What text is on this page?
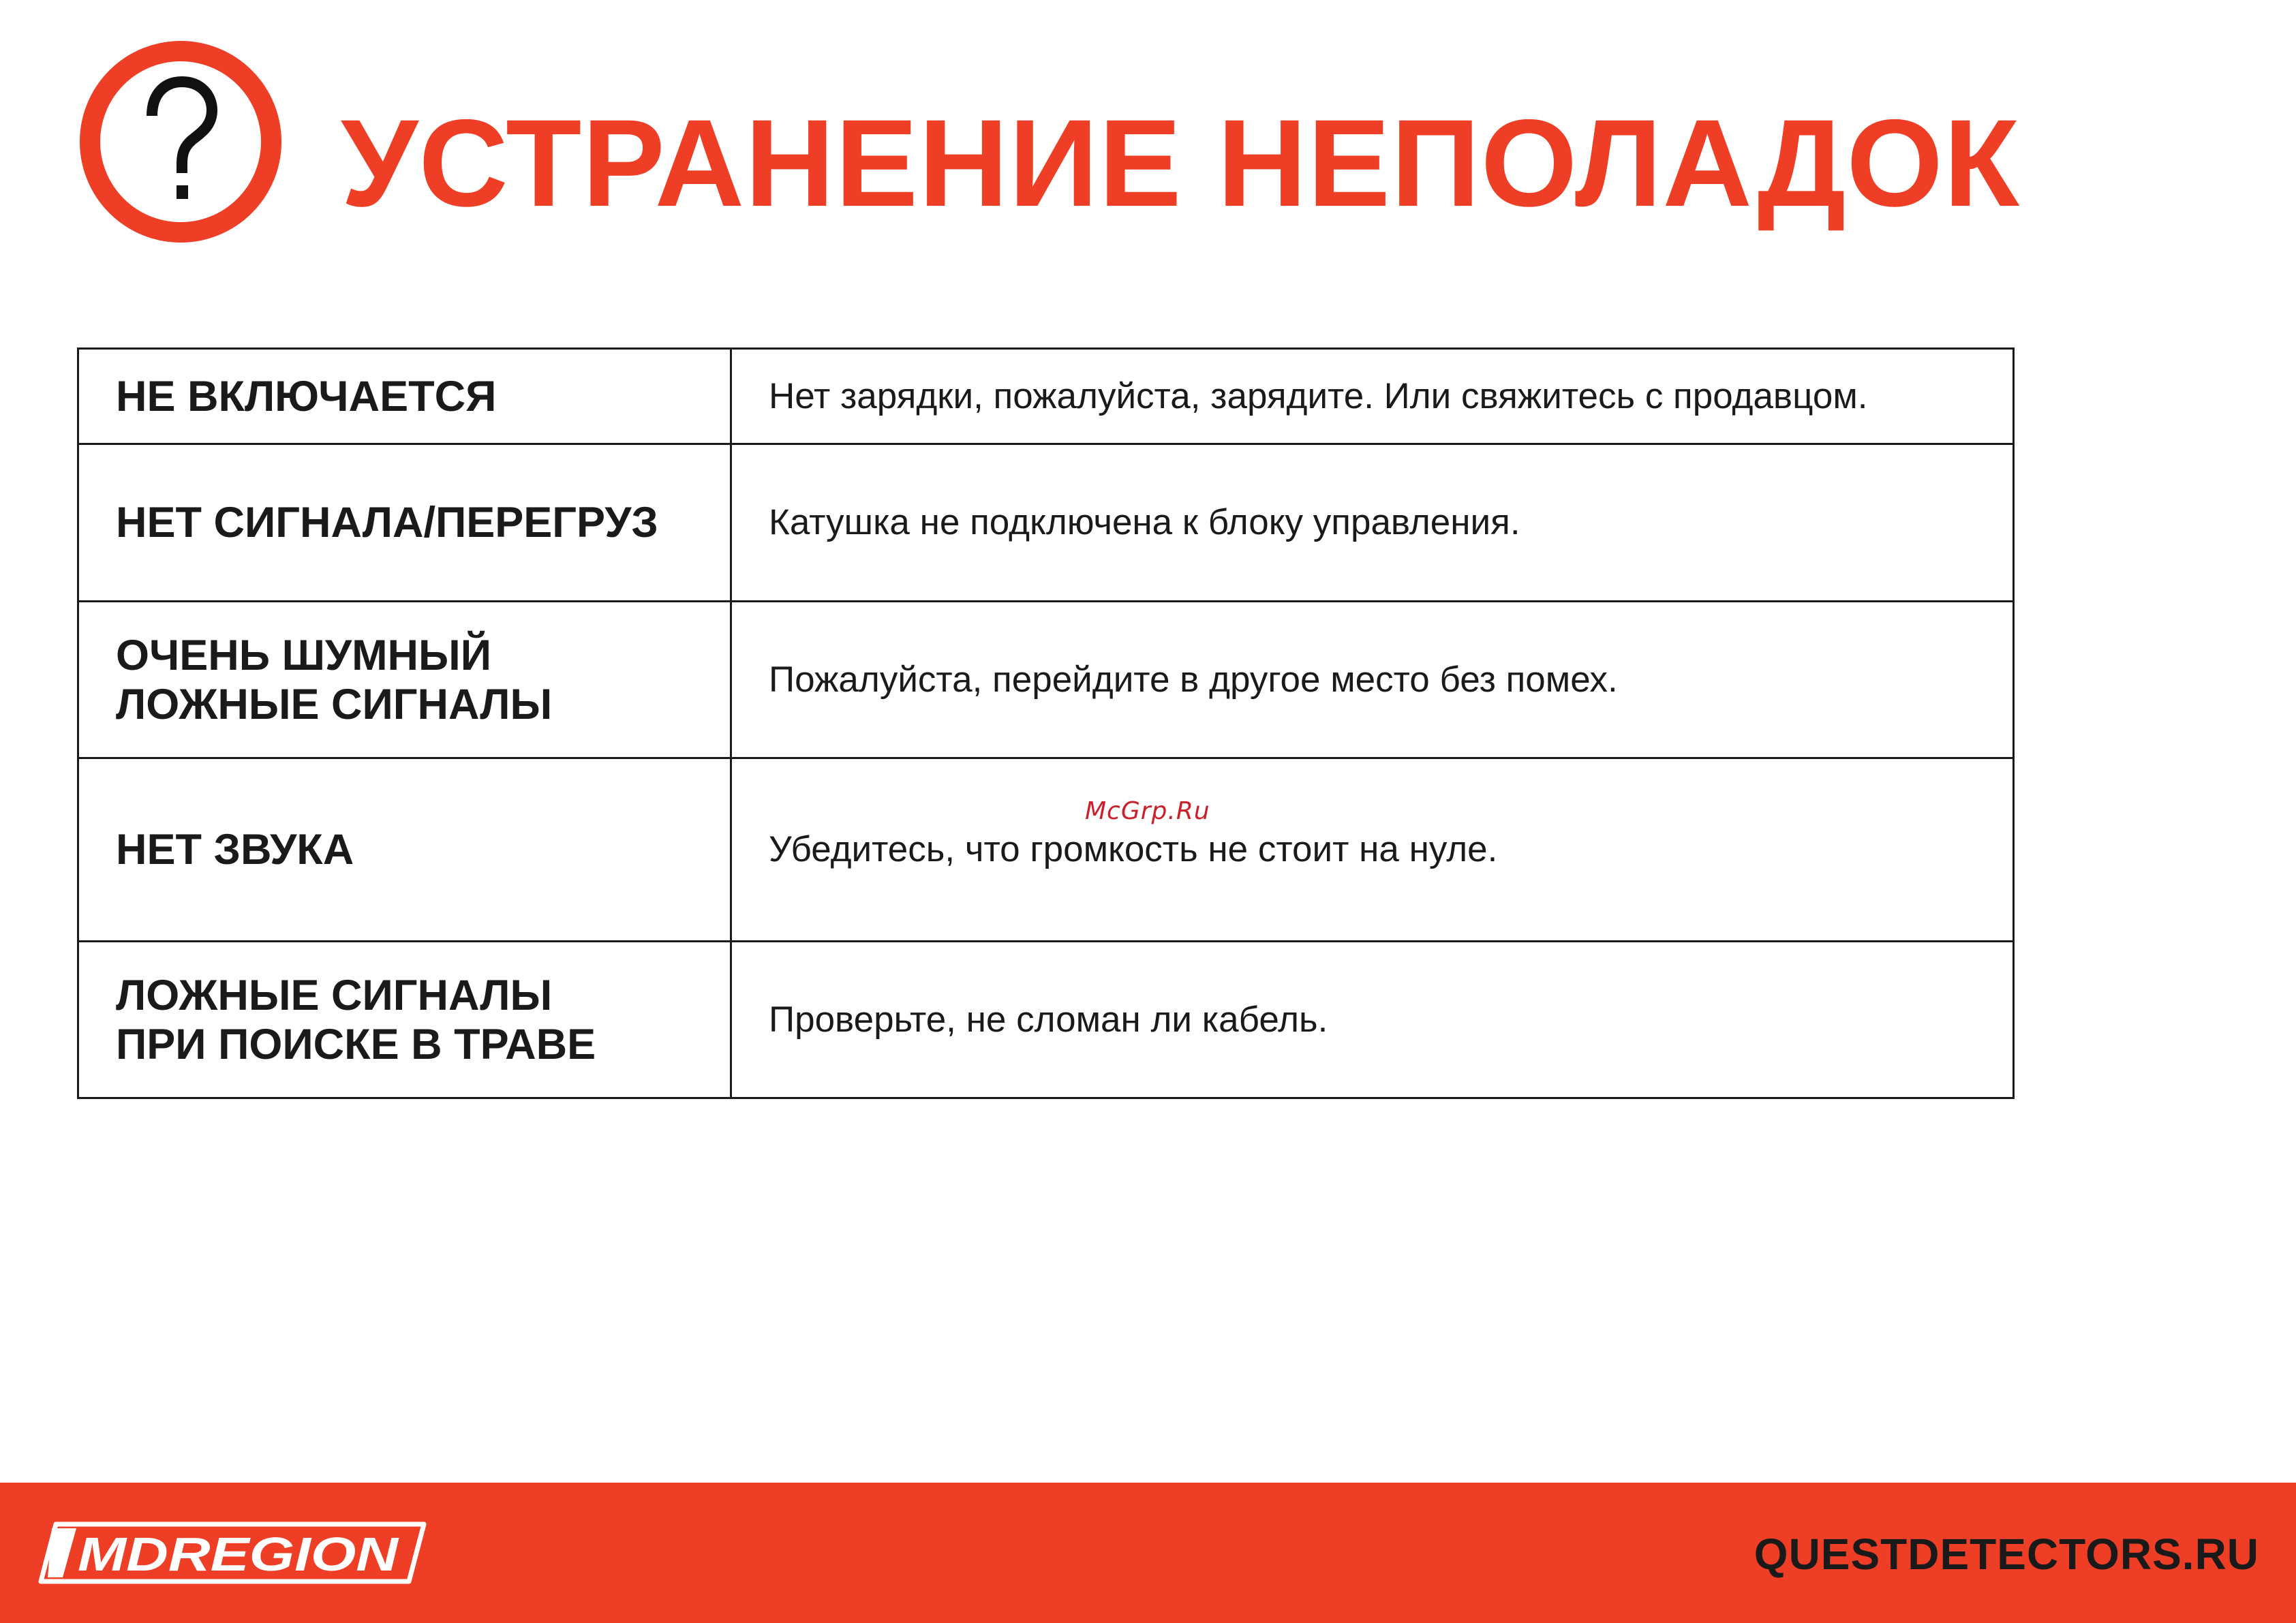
УСТРАНЕНИЕ НЕПОЛАДОК
НЕ ВКЛЮЧАЕТСЯ	Нет зарядки, пожалуйста, зарядите. Или свяжитесь с продавцом.

НЕТ СИГНАЛА/ПЕРЕГРУЗ	Катушка не подключена к блоку управления.

ОЧЕНЬ ШУМНЫЙ
ЛОЖНЫЕ СИГНАЛЫ	Пожалуйста, перейдите в другое место без помех.

НЕТ ЗВУКА	Убедитесь, что громкость не стоит на нуле.

ЛОЖНЫЕ СИГНАЛЫ
ПРИ ПОИСКЕ В ТРАВЕ	Проверьте, не сломан ли кабель.
McGrp.Ru
MDREGION	QUESTDETECTORS.RU
